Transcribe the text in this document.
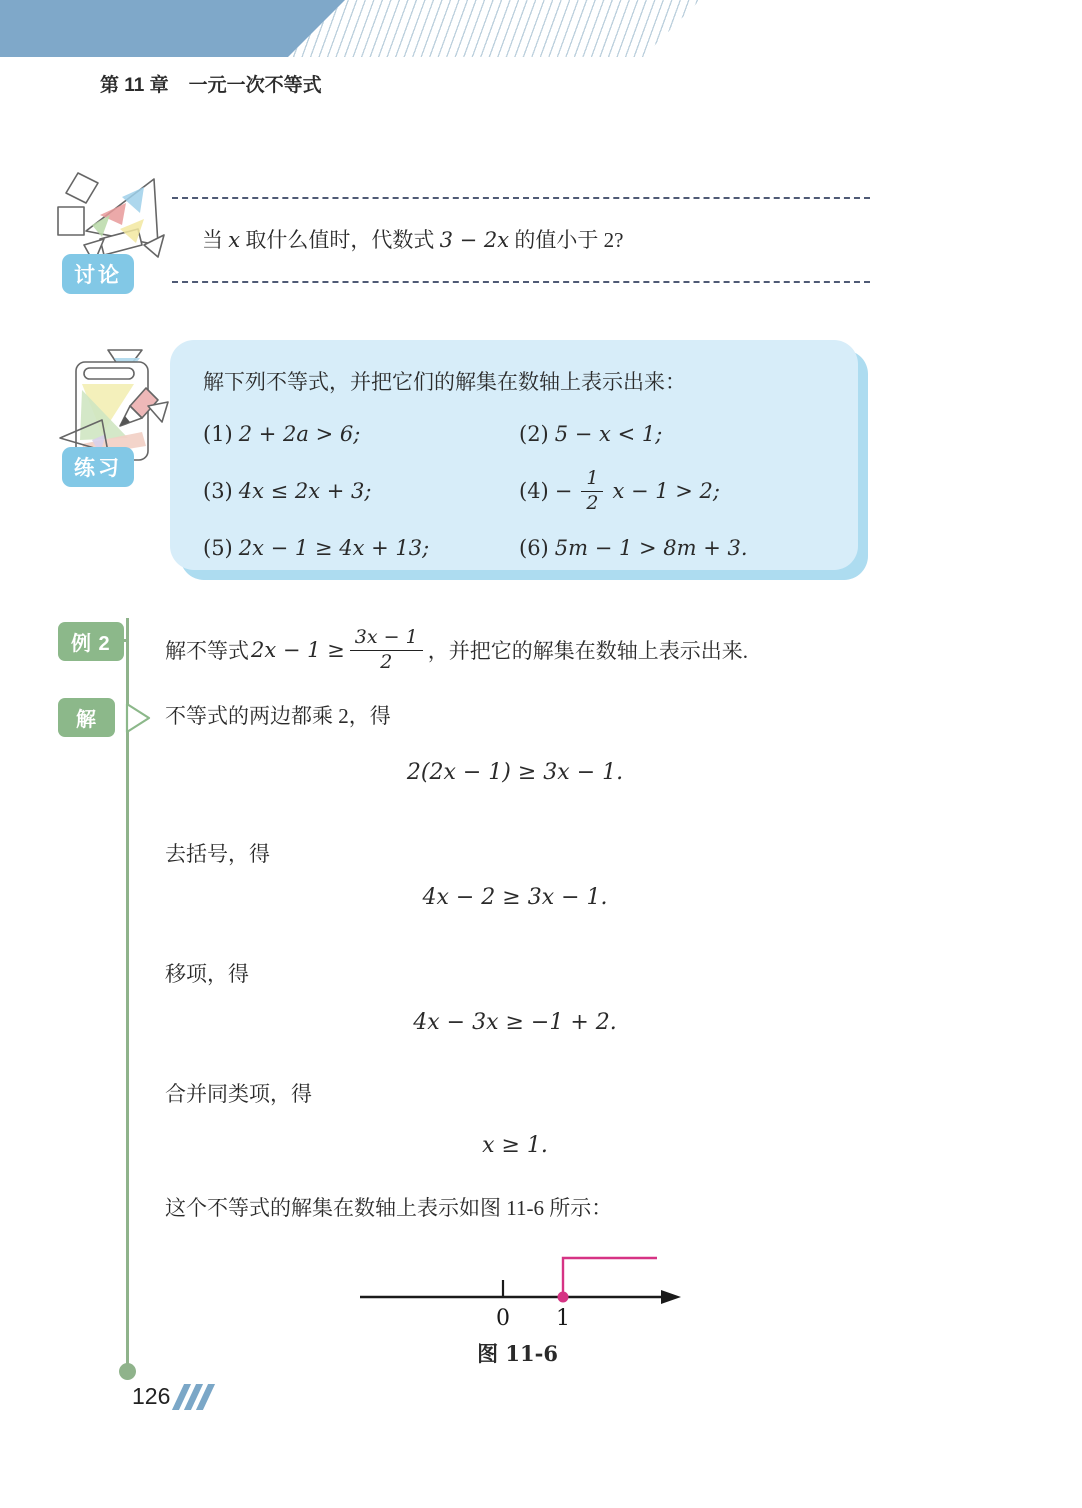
第 11 章 一元一次不等式
讨论
当 x 取什么值时，代数式 3 − 2x 的值小于 2?
练习
解下列不等式，并把它们的解集在数轴上表示出来：
(1) 2 + 2a > 6;	(2) 5 − x < 1;
(3) 4x ≤ 2x + 3;	$(4) - \frac{1}{2}$ x − 1 > 2;
(5) 2x − 1 ≥ 4x + 13;	(6) 5m − 1 > 8m + 3.
例 2	解不等式 $2x - 1 \ge \frac{3x - 1}{2}$ ，并把它的解集在数轴上表示出来.
解	不等式的两边都乘 2，得
2(2x − 1) ≥ 3x − 1.
去括号，得
4x − 2 ≥ 3x − 1.
移项，得
4x − 3x ≥ −1 + 2.
合并同类项，得
x ≥ 1.
这个不等式的解集在数轴上表示如图 11-6 所示：
0 1
图 11-6
126
